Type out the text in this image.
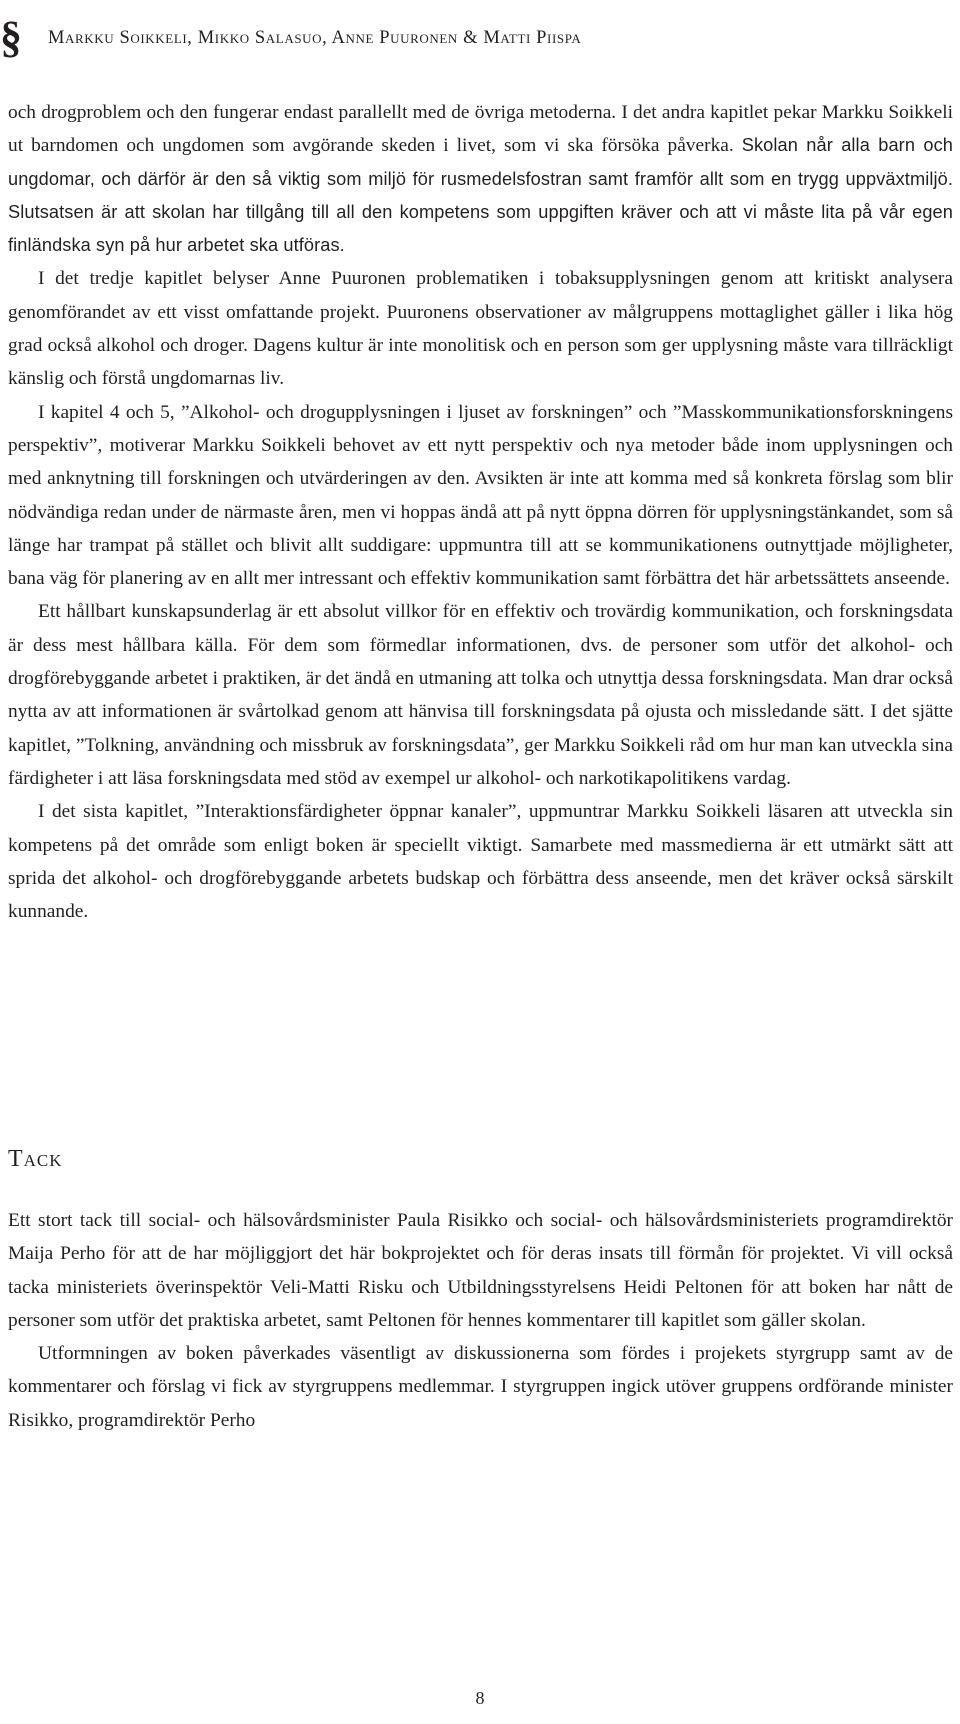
§ Markku Soikkeli, Mikko Salasuo, Anne Puuronen & Matti Piispa

och drogproblem och den fungerar endast parallellt med de övriga metoderna. I det andra kapitlet pekar Markku Soikkeli ut barndomen och ungdomen som avgörande skeden i livet, som vi ska försöka påverka. Skolan når alla barn och ungdomar, och därför är den så viktig som miljö för rusmedelsfostran samt framför allt som en trygg uppväxtmiljö. Slutsatsen är att skolan har tillgång till all den kompetens som uppgiften kräver och att vi måste lita på vår egen finländska syn på hur arbetet ska utföras.

I det tredje kapitlet belyser Anne Puuronen problematiken i tobaksupplysningen genom att kritiskt analysera genomförandet av ett visst omfattande projekt. Puuronens observationer av målgruppens mottaglighet gäller i lika hög grad också alkohol och droger. Dagens kultur är inte monolitisk och en person som ger upplysning måste vara tillräckligt känslig och förstå ungdomarnas liv.

I kapitel 4 och 5, ”Alkohol- och drogupplysningen i ljuset av forskningen” och ”Masskommunikationsforskningens perspektiv”, motiverar Markku Soikkeli behovet av ett nytt perspektiv och nya metoder både inom upplysningen och med anknytning till forskningen och utvärderingen av den. Avsikten är inte att komma med så konkreta förslag som blir nödvändiga redan under de närmaste åren, men vi hoppas ändå att på nytt öppna dörren för upplysningstänkandet, som så länge har trampat på stället och blivit allt suddigare: uppmuntra till att se kommunikationens outnyttjade möjligheter, bana väg för planering av en allt mer intressant och effektiv kommunikation samt förbättra det här arbetssättets anseende.

Ett hållbart kunskapsunderlag är ett absolut villkor för en effektiv och trovärdig kommunikation, och forskningsdata är dess mest hållbara källa. För dem som förmedlar informationen, dvs. de personer som utför det alkohol- och drogförebyggande arbetet i praktiken, är det ändå en utmaning att tolka och utnyttja dessa forskningsdata. Man drar också nytta av att informationen är svårtolkad genom att hänvisa till forskningsdata på ojusta och missledande sätt. I det sjätte kapitlet, ”Tolkning, användning och missbruk av forskningsdata”, ger Markku Soikkeli råd om hur man kan utveckla sina färdigheter i att läsa forskningsdata med stöd av exempel ur alkohol- och narkotikapolitikens vardag.

I det sista kapitlet, ”Interaktionsfärdigheter öppnar kanaler”, uppmuntrar Markku Soikkeli läsaren att utveckla sin kompetens på det område som enligt boken är speciellt viktigt. Samarbete med massmedierna är ett utmärkt sätt att sprida det alkohol- och drogförebyggande arbetets budskap och förbättra dess anseende, men det kräver också särskilt kunnande.

Tack

Ett stort tack till social- och hälsovårdsminister Paula Risikko och social- och hälsovårdsministeriets programdirektör Maija Perho för att de har möjliggjort det här bokprojektet och för deras insats till förmån för projektet. Vi vill också tacka ministeriets överinspektör Veli-Matti Risku och Utbildningsstyrelsens Heidi Peltonen för att boken har nått de personer som utför det praktiska arbetet, samt Peltonen för hennes kommentarer till kapitlet som gäller skolan.

Utformningen av boken påverkades väsentligt av diskussionerna som fördes i projekets styrgrupp samt av de kommentarer och förslag vi fick av styrgruppens medlemmar. I styrgruppen ingick utöver gruppens ordförande minister Risikko, programdirektör Perho

8
